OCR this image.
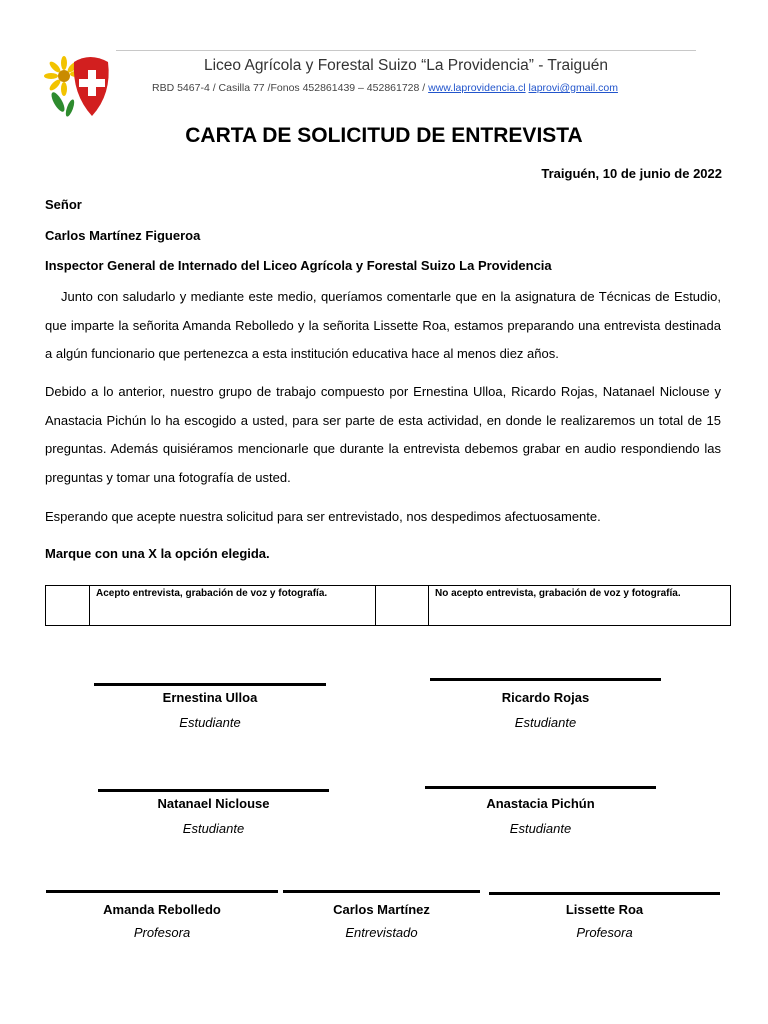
Liceo Agrícola y Forestal Suizo “La Providencia” - Traiguén
RBD 5467-4 / Casilla 77 /Fonos 452861439 – 452861728 / www.laprovidencia.cl laprovi@gmail.com
CARTA DE SOLICITUD DE ENTREVISTA
Traiguén, 10 de junio de 2022
Señor
Carlos Martínez Figueroa
Inspector General de Internado del Liceo Agrícola y Forestal Suizo La Providencia
Junto con saludarlo y mediante este medio, queríamos comentarle que en la asignatura de Técnicas de Estudio, que imparte la señorita Amanda Rebolledo y la señorita Lissette Roa, estamos preparando una entrevista destinada a algún funcionario que pertenezca a esta institución educativa hace al menos diez años.
Debido a lo anterior, nuestro grupo de trabajo compuesto por Ernestina Ulloa, Ricardo Rojas, Natanael Niclouse y Anastacia Pichún lo ha escogido a usted, para ser parte de esta actividad, en donde le realizaremos un total de 15 preguntas. Además quisiéramos mencionarle que durante la entrevista debemos grabar en audio respondiendo las preguntas y tomar una fotografía de usted.
Esperando que acepte nuestra solicitud para ser entrevistado, nos despedimos afectuosamente.
Marque con una X la opción elegida.
	Acepto entrevista, grabación de voz y fotografía.		No acepto entrevista, grabación de voz y fotografía.
Ernestina Ulloa
Estudiante
Ricardo Rojas
Estudiante
Natanael Niclouse
Estudiante
Anastacia Pichún
Estudiante
Amanda Rebolledo
Profesora
Carlos Martínez
Entrevistado
Lissette Roa
Profesora
